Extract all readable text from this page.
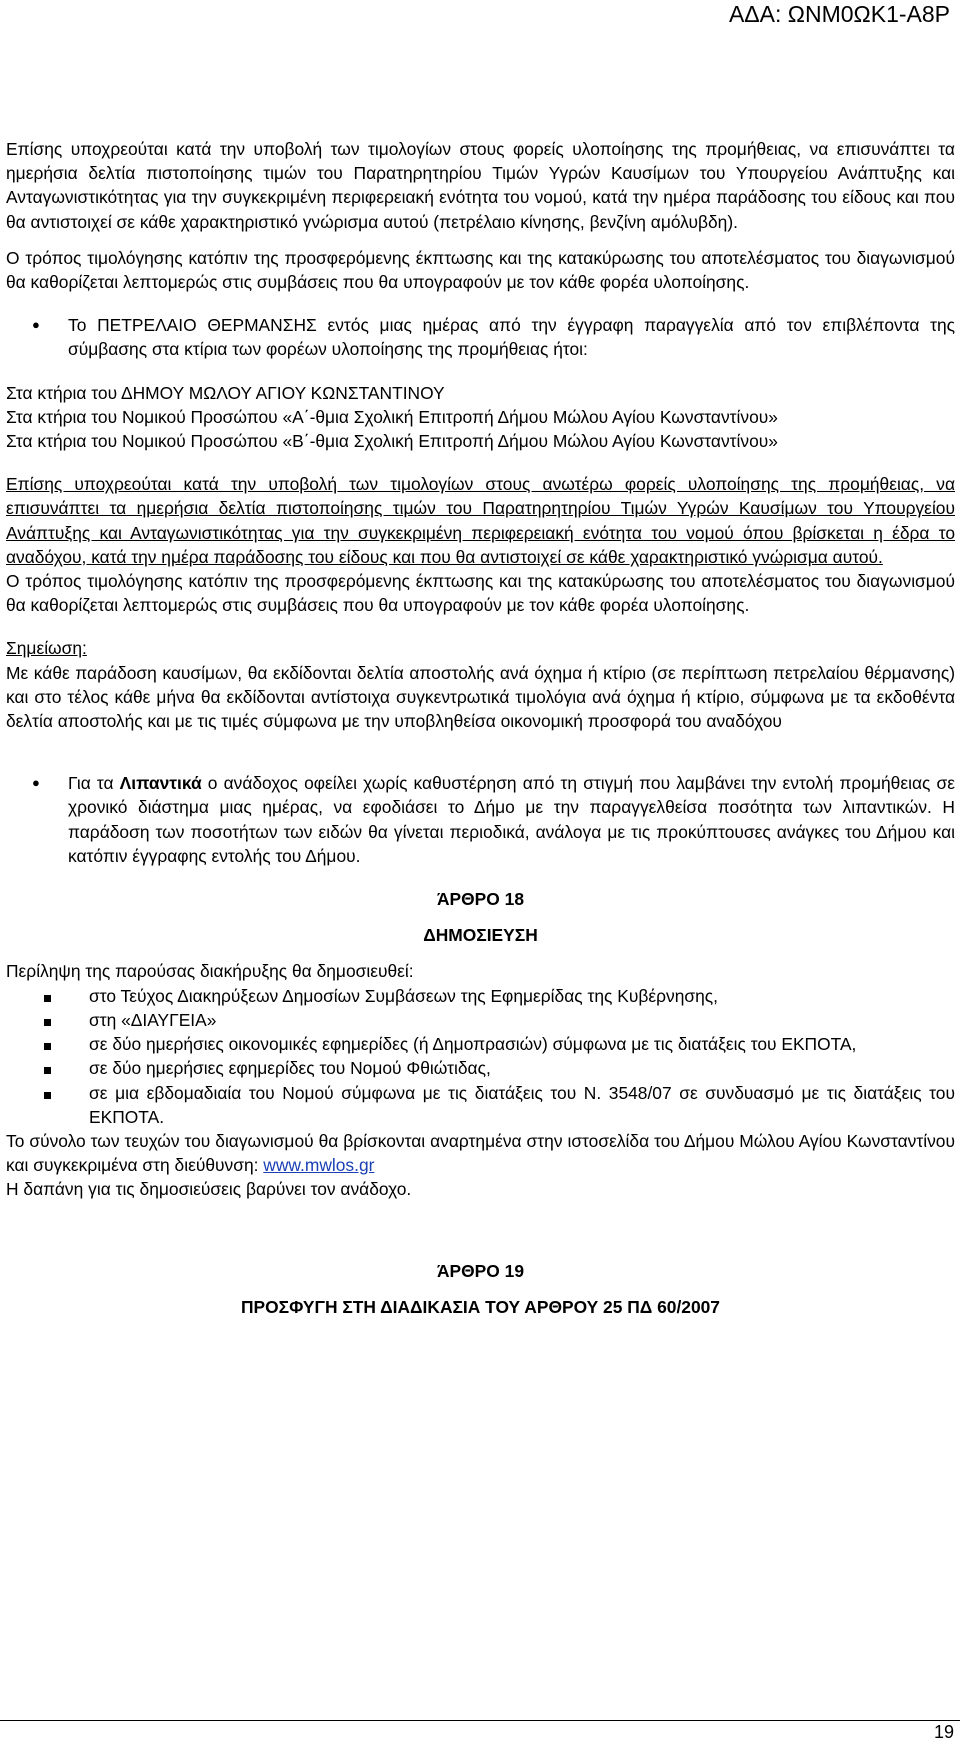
ΑΔΑ: ΩΝΜ0ΩΚ1-Α8Ρ

Επίσης υποχρεούται κατά την υποβολή των τιμολογίων στους φορείς υλοποίησης της προμήθειας, να επισυνάπτει τα ημερήσια δελτία πιστοποίησης τιμών του Παρατηρητηρίου Τιμών Υγρών Καυσίμων του Υπουργείου Ανάπτυξης και Ανταγωνιστικότητας για την συγκεκριμένη περιφερειακή ενότητα του νομού, κατά την ημέρα παράδοσης του είδους και που θα αντιστοιχεί σε κάθε χαρακτηριστικό γνώρισμα αυτού (πετρέλαιο κίνησης, βενζίνη αμόλυβδη).

Ο τρόπος τιμολόγησης κατόπιν της προσφερόμενης έκπτωσης και της κατακύρωσης του αποτελέσματος του διαγωνισμού θα καθορίζεται λεπτομερώς στις συμβάσεις που θα υπογραφούν με τον κάθε φορέα υλοποίησης.

●	Το ΠΕΤΡΕΛΑΙΟ ΘΕΡΜΑΝΣΗΣ εντός μιας ημέρας από την έγγραφη παραγγελία από τον επιβλέποντα της σύμβασης στα κτίρια των φορέων υλοποίησης της προμήθειας ήτοι:

Στα κτήρια του ΔΗΜΟΥ ΜΩΛΟΥ ΑΓΙΟΥ ΚΩΝΣΤΑΝΤΙΝΟΥ

Στα κτήρια του Νομικού Προσώπου «Α΄-θμια Σχολική Επιτροπή Δήμου Μώλου Αγίου Κωνσταντίνου»

Στα κτήρια του Νομικού Προσώπου «Β΄-θμια Σχολική Επιτροπή Δήμου Μώλου Αγίου Κωνσταντίνου»

Επίσης υποχρεούται κατά την υποβολή των τιμολογίων στους ανωτέρω φορείς υλοποίησης της προμήθειας, να επισυνάπτει τα ημερήσια δελτία πιστοποίησης τιμών του Παρατηρητηρίου Τιμών Υγρών Καυσίμων του Υπουργείου Ανάπτυξης και Ανταγωνιστικότητας για την συγκεκριμένη περιφερειακή ενότητα του νομού όπου βρίσκεται η έδρα το αναδόχου, κατά την ημέρα παράδοσης του είδους και που θα αντιστοιχεί σε κάθε χαρακτηριστικό γνώρισμα αυτού.

Ο τρόπος τιμολόγησης κατόπιν της προσφερόμενης έκπτωσης και της κατακύρωσης του αποτελέσματος του διαγωνισμού θα καθορίζεται λεπτομερώς στις συμβάσεις που θα υπογραφούν με τον κάθε φορέα υλοποίησης.

Σημείωση:

Με κάθε παράδοση καυσίμων, θα εκδίδονται δελτία αποστολής ανά όχημα ή κτίριο (σε περίπτωση πετρελαίου θέρμανσης) και στο τέλος κάθε μήνα θα εκδίδονται αντίστοιχα συγκεντρωτικά τιμολόγια ανά όχημα ή κτίριο, σύμφωνα με τα εκδοθέντα δελτία αποστολής και με τις τιμές σύμφωνα με την υποβληθείσα οικονομική προσφορά του αναδόχου

●	Για τα Λιπαντικά ο ανάδοχος οφείλει χωρίς καθυστέρηση από τη στιγμή που λαμβάνει την εντολή προμήθειας σε χρονικό διάστημα μιας ημέρας, να εφοδιάσει το Δήμο με την παραγγελθείσα ποσότητα των λιπαντικών. Η παράδοση των ποσοτήτων των ειδών θα γίνεται περιοδικά, ανάλογα με τις προκύπτουσες ανάγκες του Δήμου και κατόπιν έγγραφης εντολής του Δήμου.

ΆΡΘΡΟ 18

ΔΗΜΟΣΙΕΥΣΗ

Περίληψη της παρούσας διακήρυξης θα δημοσιευθεί:

στο Τεύχος Διακηρύξεων Δημοσίων Συμβάσεων της Εφημερίδας της Κυβέρνησης,
στη «ΔΙΑΥΓΕΙΑ»
σε δύο ημερήσιες οικονομικές εφημερίδες (ή Δημοπρασιών) σύμφωνα με τις διατάξεις του ΕΚΠΟΤΑ,
σε δύο ημερήσιες εφημερίδες του Νομού Φθιώτιδας,
σε μια εβδομαδιαία του Νομού σύμφωνα με τις διατάξεις του Ν. 3548/07 σε συνδυασμό με τις διατάξεις του ΕΚΠΟΤΑ.

Το σύνολο των τευχών του διαγωνισμού θα βρίσκονται αναρτημένα στην ιστοσελίδα του Δήμου Μώλου Αγίου Κωνσταντίνου και συγκεκριμένα στη διεύθυνση: www.mwlos.gr

Η δαπάνη για τις δημοσιεύσεις βαρύνει τον ανάδοχο.

ΆΡΘΡΟ 19

ΠΡΟΣΦΥΓΗ ΣΤΗ ΔΙΑΔΙΚΑΣΙΑ ΤΟΥ ΑΡΘΡΟΥ 25 ΠΔ 60/2007

19
